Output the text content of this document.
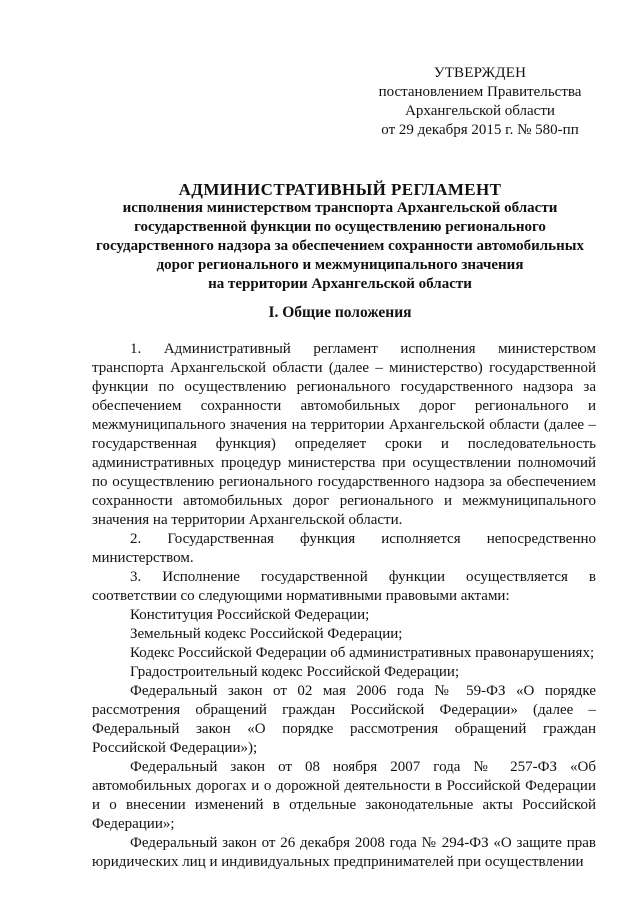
УТВЕРЖДЕН
постановлением Правительства
Архангельской области
от 29 декабря 2015 г. № 580-пп
АДМИНИСТРАТИВНЫЙ РЕГЛАМЕНТ
исполнения министерством транспорта Архангельской области
государственной функции по осуществлению регионального
государственного надзора за обеспечением сохранности автомобильных
дорог регионального и межмуниципального значения
на территории Архангельской области
I. Общие положения

1. Административный регламент исполнения министерством транспорта Архангельской области (далее – министерство) государственной функции по осуществлению регионального государственного надзора за обеспечением сохранности автомобильных дорог регионального и межмуниципального значения на территории Архангельской области (далее – государственная функция) определяет сроки и последовательность административных процедур министерства при осуществлении полномочий по осуществлению регионального государственного надзора за обеспечением сохранности автомобильных дорог регионального и межмуниципального значения на территории Архангельской области.

2. Государственная функция исполняется непосредственно министерством.

3. Исполнение государственной функции осуществляется в соответствии со следующими нормативными правовыми актами:

Конституция Российской Федерации;

Земельный кодекс Российской Федерации;

Кодекс Российской Федерации об административных правонарушениях;

Градостроительный кодекс Российской Федерации;

Федеральный закон от 02 мая 2006 года № 59-ФЗ «О порядке рассмотрения обращений граждан Российской Федерации» (далее – Федеральный закон «О порядке рассмотрения обращений граждан Российской Федерации»);

Федеральный закон от 08 ноября 2007 года № 257-ФЗ «Об автомобильных дорогах и о дорожной деятельности в Российской Федерации и о внесении изменений в отдельные законодательные акты Российской Федерации»;

Федеральный закон от 26 декабря 2008 года № 294-ФЗ «О защите прав юридических лиц и индивидуальных предпринимателей при осуществлении
